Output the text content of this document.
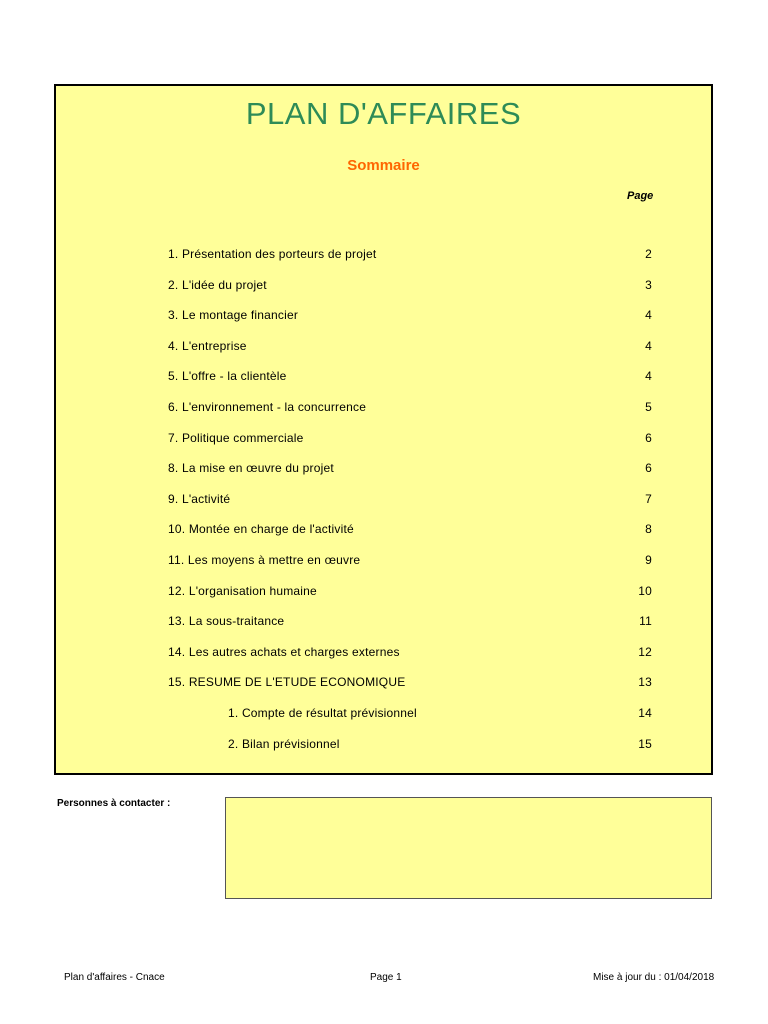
PLAN D'AFFAIRES
Sommaire
Page
1. Présentation des porteurs de projet	2
2. L'idée du projet	3
3. Le montage financier	4
4. L'entreprise	4
5. L'offre - la clientèle	4
6. L'environnement - la concurrence	5
7. Politique commerciale	6
8. La mise en œuvre du projet	6
9. L'activité	7
10. Montée en charge de l'activité	8
11. Les moyens à mettre en œuvre	9
12. L'organisation humaine	10
13. La sous-traitance	11
14. Les autres achats et charges externes	12
15. RESUME DE L'ETUDE ECONOMIQUE	13
1. Compte de résultat prévisionnel	14
2. Bilan prévisionnel	15
Personnes à contacter :
Plan d'affaires - Cnace	Page 1	Mise à jour du : 01/04/2018
